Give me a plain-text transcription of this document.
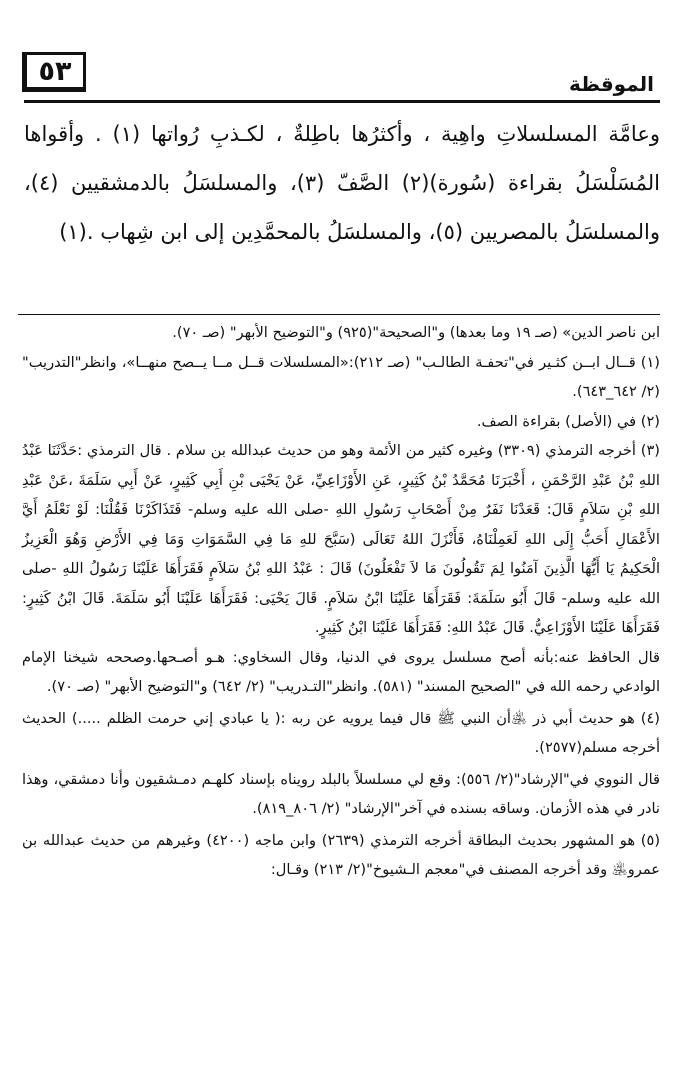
٥٣	الموقظة

وعامَّة المسلسلاتِ واهِية ، وأكثرُها باطِلةٌ ، لكـذبِ رُواتها (١) . وأقواها المُسَلْسَلُ بقراءة (سُورة)(٢) الصَّفّ (٣)، والمسلسَلُ بالدمشقيين (٤)، والمسلسَلُ بالمصريين (٥)، والمسلسَلُ بالمحمَّدِين إلى ابن شِهاب .(١)

ابن ناصر الدين» (صـ ١٩ وما بعدها) و"الصحيحة"(٩٢٥) و"التوضيح الأبهر" (صـ ٧٠).

(١) قــال ابــن كثـير في"تحفـة الطالـب" (صـ ٢١٢):«المسلسلات قــل مــا يــصح منهــا»، وانظر"التدريب" (٢/ ٦٤٢_٦٤٣).

(٢) في (الأصل) بقراءة الصف.

(٣) أخرجه الترمذي (٣٣٠٩) وغيره كثير من الأئمة وهو من حديث عبدالله بن سلام . قال الترمذي :حَدَّثَنَا عَبْدُ اللهِ بْنُ عَبْدِ الرَّحْمَنِ ، أَخْبَرَنَا مُحَمَّدُ بْنُ كَثِيرٍ، عَنِ الأَوْزَاعِيِّ، عَنْ يَحْيَى بْنِ أَبِي كَثِيرٍ، عَنْ أَبِي سَلَمَةَ ،عَنْ عَبْدِ اللهِ بْنِ سَلاَمٍ قَالَ: قَعَدْنَا نَفَرٌ مِنْ أَصْحَابِ رَسُولِ اللهِ -صلى الله عليه وسلم- فَتَذَاكَرْنَا فَقُلْنَا: لَوْ نَعْلَمُ أَيَّ الأَعْمَالِ أَحَبُّ إِلَى اللهِ لَعَمِلْنَاهُ، فَأَنْزَلَ اللهُ تَعَالَى (سَبَّحَ للهِ مَا فِي السَّمَوَاتِ وَمَا فِي الأَرْضِ وَهُوَ الْعَزِيزُ الْحَكِيمُ يَا أَيُّهَا الَّذِينَ آمَنُوا لِمَ تَقُولُونَ مَا لاَ تَفْعَلُونَ) قَالَ : عَبْدُ اللهِ بْنُ سَلاَمٍ فَقَرَأَهَا عَلَيْنَا رَسُولُ اللهِ -صلى الله عليه وسلم- قَالَ أَبُو سَلَمَةَ: فَقَرَأَهَا عَلَيْنَا ابْنُ سَلاَمٍ. قَالَ يَحْيَى: فَقَرَأَهَا عَلَيْنَا أَبُو سَلَمَةَ. قَالَ ابْنُ كَثِيرٍ: فَقَرَأَهَا عَلَيْنَا الأَوْزَاعِيُّ. قَالَ عَبْدُ اللهِ: فَقَرَأَهَا عَلَيْنَا ابْنُ كَثِيرٍ.

قال الحافظ عنه:بأنه أصح مسلسل يروى في الدنيا، وقال السخاوي: هـو أصـحها.وصححه شيخنا الإمام الوادعي رحمه الله في "الصحيح المسند" (٥٨١). وانظر"التـدريب" (٢/ ٦٤٢) و"التوضيح الأبهر" (صـ ٧٠).

(٤) هو حديث أبي ذر ﵁أن النبي ﷺ قال فيما يرويه عن ربه :( يا عبادي إني حرمت الظلم .....) الحديث أخرجه مسلم(٢٥٧٧).

قال النووي في"الإرشاد"(٢/ ٥٥٦): وقع لي مسلسلاً بالبلد رويناه بإسناد كلهـم دمـشقيون وأنا دمشقي، وهذا نادر في هذه الأزمان. وساقه بسنده في آخر"الإرشاد" (٢/ ٨٠٦_٨١٩).

(٥) هو المشهور بحديث البطاقة أخرجه الترمذي (٢٦٣٩) وابن ماجه (٤٢٠٠) وغيرهم من حديث عبدالله بن عمرو﵁ وقد أخرجه المصنف في"معجم الـشيوخ"(٢/ ٢١٣) وقـال:
